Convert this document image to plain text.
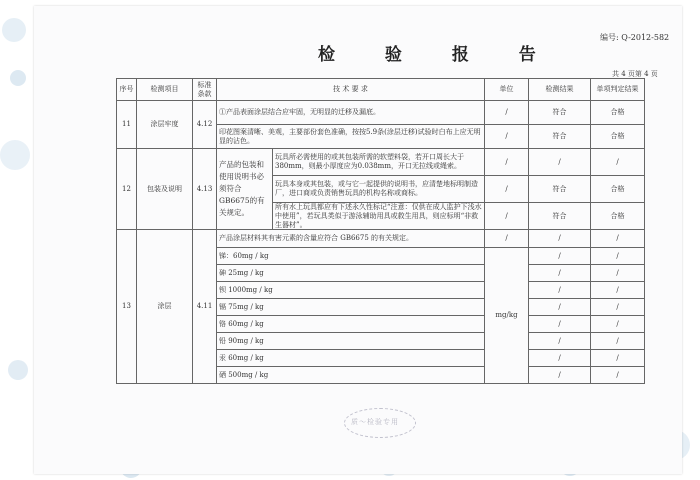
编号: Q-2012-582
检 验 报 告
共 4 页第 4 页
序号	检测项目	标准条款	技 术 要 求		单位	检测结果	单项判定结果
11	涂层牢度	4.12	①产品表面涂层结合应牢固，无明显的迁移及漏底。		/	符合	合格
			印花图案清晰、美观，主要部份套色准确，按按5.9条(涂层迁移)试验时白布上应无明显的沾色。		/	符合	合格
12	包装及说明	4.13	产品的包装和使用说明书必须符合GB6675的有关规定。	玩具所必需使用的或其包装所需的软塑料袋，若开口周长大于380mm，则最小厚度应为0.038mm，开口无拉线或绳索。	/	/	/
				玩具本身或其包装，或与它一起提供的说明书，应清楚地标明制造厂，进口商或负责销售玩具的机构名称或商标。	/	符合	合格
				所有水上玩具都应有下述永久性标记“注意：仅供在成人监护下浅水中使用”，若玩具类似于游泳辅助用具或救生用具，则应标明“非救生器材”。	/	符合	合格
13	涂层	4.11	产品涂层材料其有害元素的含量应符合 GB6675 的有关规定。		/	/	/
			锑：60mg / kg		mg/kg	/	/
			砷 25mg / kg			/	/
			钡 1000mg / kg			/	/
			镉 75mg / kg			/	/
			铬 60mg / kg			/	/
			铅 90mg / kg			/	/
			汞 60mg / kg			/	/
			硒 500mg / kg			/	/
质～检验专用
